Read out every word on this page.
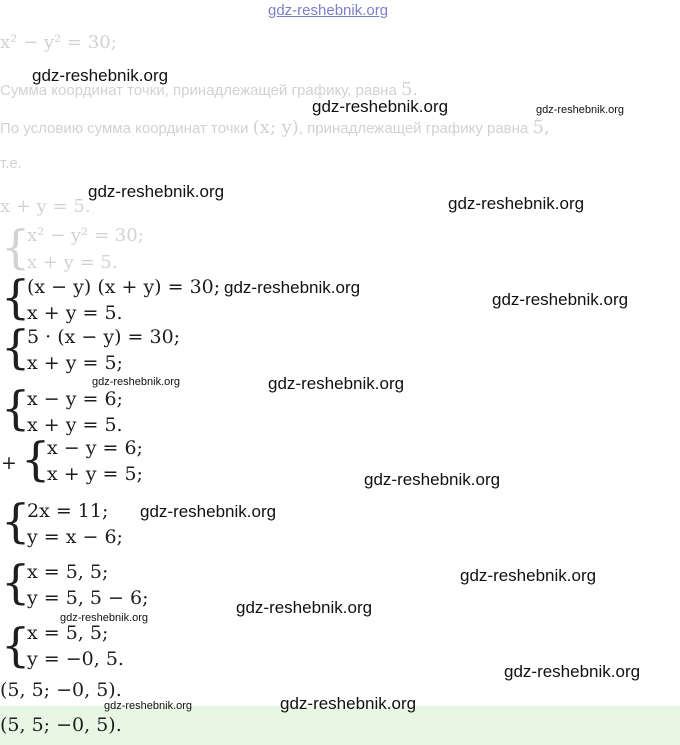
gdz-reshebnik.org
x² − y² = 30;
Сумма координат точки, принадлежащей графику, равна 5.
По условию сумма координат точки (x; y), принадлежащей графику равна 5,
т.е.
x + y = 5.
{
x² − y² = 30;
x + y = 5.
{
(x − y) (x + y) = 30;
x + y = 5.
{
5 · (x − y) = 30;
x + y = 5;
{
x − y = 6;
x + y = 5.
+ {
x − y = 6;
x + y = 5;
{
2x = 11;
y = x − 6;
{
x = 5, 5;
y = 5, 5 − 6;
{
x = 5, 5;
y = −0, 5.
(5, 5; −0, 5).
(5, 5; −0, 5).
gdz-reshebnik.org
gdz-reshebnik.org	gdz-reshebnik.org
gdz-reshebnik.org
gdz-reshebnik.org
gdz-reshebnik.org
gdz-reshebnik.org
gdz-reshebnik.org	gdz-reshebnik.org
gdz-reshebnik.org
gdz-reshebnik.org
gdz-reshebnik.org
gdz-reshebnik.org
gdz-reshebnik.org
gdz-reshebnik.org
gdz-reshebnik.org	gdz-reshebnik.org
